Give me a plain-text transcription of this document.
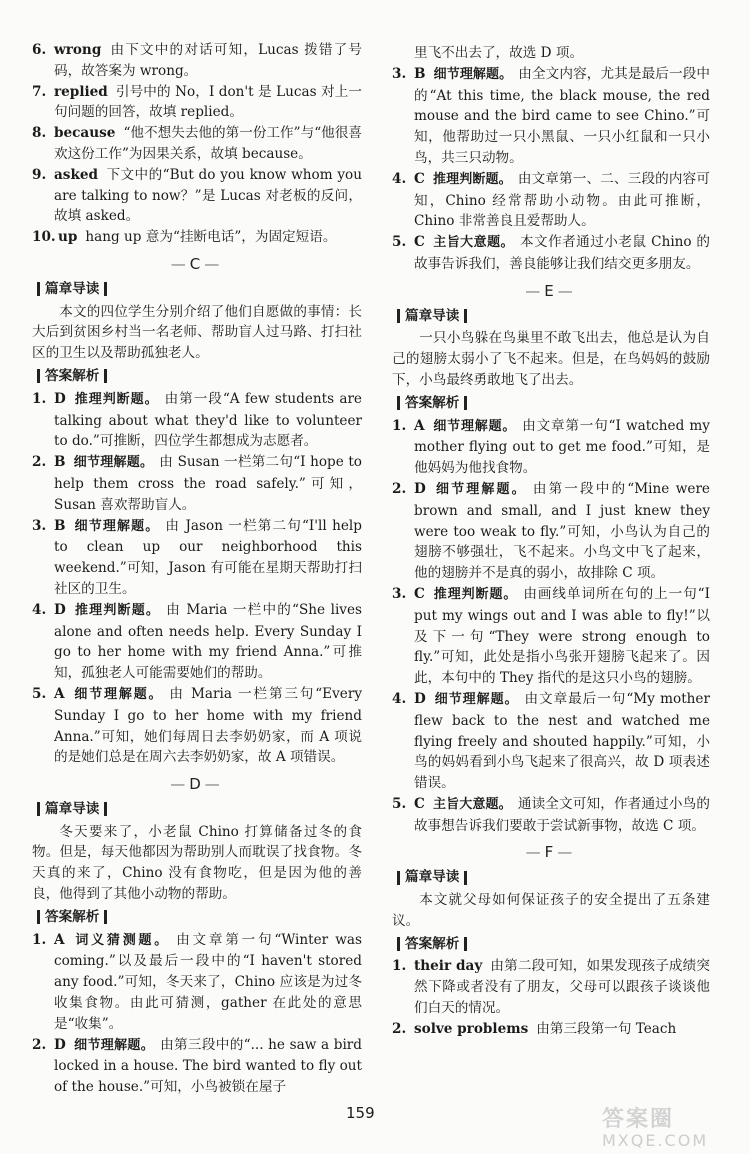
6. wrong 由下文中的对话可知，Lucas 拨错了号码，故答案为 wrong。
7. replied 引号中的 No，I don't 是 Lucas 对上一句问题的回答，故填 replied。
8. because “他不想失去他的第一份工作”与“他很喜欢这份工作”为因果关系，故填 because。
9. asked 下文中的“But do you know whom you are talking to now？”是 Lucas 对老板的反问，故填 asked。
10. up hang up 意为“挂断电话”，为固定短语。
—C—
篇章导读

本文的四位学生分别介绍了他们自愿做的事情：长大后到贫困乡村当一名老师、帮助盲人过马路、打扫社区的卫生以及帮助孤独老人。

答案解析
1. D 推理判断题。 由第一段“A few students are talking about what they'd like to volunteer to do.”可推断，四位学生都想成为志愿者。
2. B 细节理解题。 由 Susan 一栏第二句“I hope to help them cross the road safely.”可知，Susan 喜欢帮助盲人。
3. B 细节理解题。 由 Jason 一栏第二句“I'll help to clean up our neighborhood this weekend.”可知，Jason 有可能在星期天帮助打扫社区的卫生。
4. D 推理判断题。 由 Maria 一栏中的“She lives alone and often needs help. Every Sunday I go to her home with my friend Anna.”可推知，孤独老人可能需要她们的帮助。
5. A 细节理解题。 由 Maria 一栏第三句“Every Sunday I go to her home with my friend Anna.”可知，她们每周日去李奶奶家，而 A 项说的是她们总是在周六去李奶奶家，故 A 项错误。
—D—
篇章导读

冬天要来了，小老鼠 Chino 打算储备过冬的食物。但是，每天他都因为帮助别人而耽误了找食物。冬天真的来了，Chino 没有食物吃，但是因为他的善良，他得到了其他小动物的帮助。

答案解析
1. A 词义猜测题。 由文章第一句“Winter was coming.”以及最后一段中的“I haven't stored any food.”可知，冬天来了，Chino 应该是为过冬收集食物。由此可猜测，gather 在此处的意思是“收集”。
2. D 细节理解题。 由第三段中的“... he saw a bird locked in a house. The bird wanted to fly out of the house.”可知，小鸟被锁在屋子
里飞不出去了，故选 D 项。
3. B 细节理解题。 由全文内容，尤其是最后一段中的“At this time, the black mouse, the red mouse and the bird came to see Chino.”可知，他帮助过一只小黑鼠、一只小红鼠和一只小鸟，共三只动物。
4. C 推理判断题。 由文章第一、二、三段的内容可知，Chino 经常帮助小动物。由此可推断，Chino 非常善良且爱帮助人。
5. C 主旨大意题。 本文作者通过小老鼠 Chino 的故事告诉我们，善良能够让我们结交更多朋友。
—E—
篇章导读

一只小鸟躲在鸟巢里不敢飞出去，他总是认为自己的翅膀太弱小了飞不起来。但是，在鸟妈妈的鼓励下，小鸟最终勇敢地飞了出去。

答案解析
1. A 细节理解题。 由文章第一句“I watched my mother flying out to get me food.”可知，是他妈妈为他找食物。
2. D 细节理解题。 由第一段中的“Mine were brown and small, and I just knew they were too weak to fly.”可知，小鸟认为自己的翅膀不够强壮，飞不起来。小鸟文中飞了起来，他的翅膀并不是真的弱小，故排除 C 项。
3. C 推理判断题。 由画线单词所在句的上一句“I put my wings out and I was able to fly!”以及下一句“They were strong enough to fly.”可知，此处是指小鸟张开翅膀飞起来了。因此，本句中的 They 指代的是这只小鸟的翅膀。
4. D 细节理解题。 由文章最后一句“My mother flew back to the nest and watched me flying freely and shouted happily.”可知，小鸟的妈妈看到小鸟飞起来了很高兴，故 D 项表述错误。
5. C 主旨大意题。 通读全文可知，作者通过小鸟的故事想告诉我们要敢于尝试新事物，故选 C 项。
—F—
篇章导读

本文就父母如何保证孩子的安全提出了五条建议。

答案解析
1. their day 由第二段可知，如果发现孩子成绩突然下降或者没有了朋友，父母可以跟孩子谈谈他们白天的情况。
2. solve problems 由第三段第一句 Teach
159	答案圈
MXQE.COM
